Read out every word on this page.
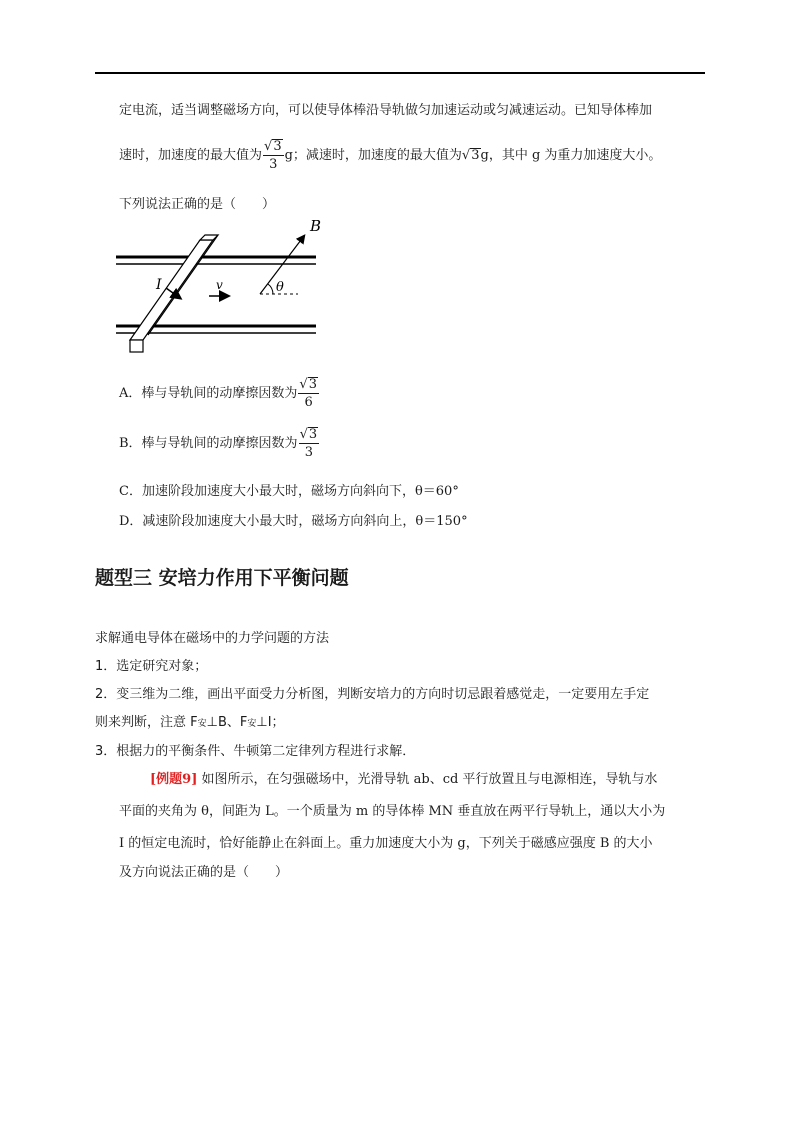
定电流，适当调整磁场方向，可以使导体棒沿导轨做匀加速运动或匀减速运动。已知导体棒加
速时，加速度的最大值为 $\frac{√3}{3}$ g；减速时，加速度的最大值为√3g，其中 g 为重力加速度大小。
下列说法正确的是（　　）
I	v
B
θ
A．棒与导轨间的动摩擦因数为 $\frac{√3}{6}$
B．棒与导轨间的动摩擦因数为 $\frac{√3}{3}$
C．加速阶段加速度大小最大时，磁场方向斜向下，θ＝60°
D．减速阶段加速度大小最大时，磁场方向斜向上，θ＝150°
题型三 安培力作用下平衡问题
求解通电导体在磁场中的力学问题的方法
1．选定研究对象；
2．变三维为二维，画出平面受力分析图，判断安培力的方向时切忌跟着感觉走，一定要用左手定
则来判断，注意 F安⊥B、F安⊥I；
3．根据力的平衡条件、牛顿第二定律列方程进行求解．
[例题9] 如图所示，在匀强磁场中，光滑导轨 ab、cd 平行放置且与电源相连，导轨与水
平面的夹角为 θ，间距为 L。一个质量为 m 的导体棒 MN 垂直放在两平行导轨上，通以大小为
I 的恒定电流时，恰好能静止在斜面上。重力加速度大小为 g，下列关于磁感应强度 B 的大小
及方向说法正确的是（　　）
